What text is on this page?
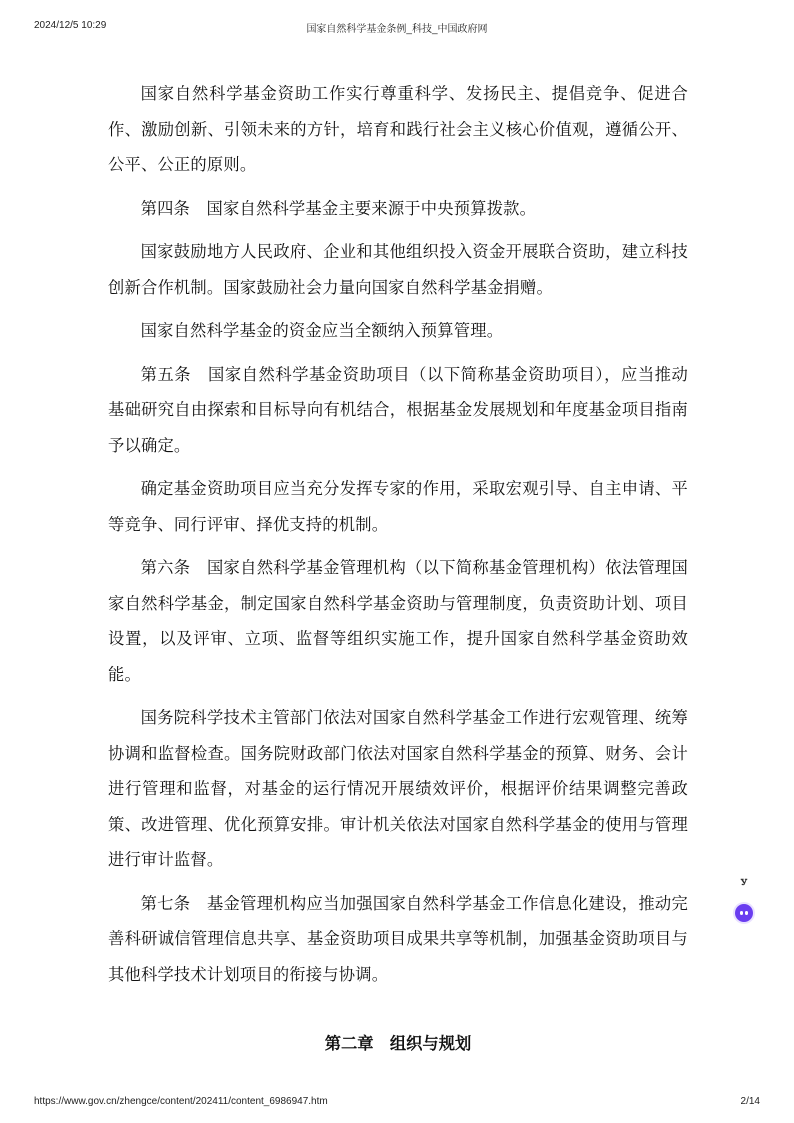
2024/12/5 10:29	国家自然科学基金条例_科技_中国政府网

国家自然科学基金资助工作实行尊重科学、发扬民主、提倡竞争、促进合作、激励创新、引领未来的方针，培育和践行社会主义核心价值观，遵循公开、公平、公正的原则。

第四条　国家自然科学基金主要来源于中央预算拨款。

国家鼓励地方人民政府、企业和其他组织投入资金开展联合资助，建立科技创新合作机制。国家鼓励社会力量向国家自然科学基金捐赠。

国家自然科学基金的资金应当全额纳入预算管理。

第五条　国家自然科学基金资助项目（以下简称基金资助项目），应当推动基础研究自由探索和目标导向有机结合，根据基金发展规划和年度基金项目指南予以确定。

确定基金资助项目应当充分发挥专家的作用，采取宏观引导、自主申请、平等竞争、同行评审、择优支持的机制。

第六条　国家自然科学基金管理机构（以下简称基金管理机构）依法管理国家自然科学基金，制定国家自然科学基金资助与管理制度，负责资助计划、项目设置，以及评审、立项、监督等组织实施工作，提升国家自然科学基金资助效能。

国务院科学技术主管部门依法对国家自然科学基金工作进行宏观管理、统筹协调和监督检查。国务院财政部门依法对国家自然科学基金的预算、财务、会计进行管理和监督，对基金的运行情况开展绩效评价，根据评价结果调整完善政策、改进管理、优化预算安排。审计机关依法对国家自然科学基金的使用与管理进行审计监督。

第七条　基金管理机构应当加强国家自然科学基金工作信息化建设，推动完善科研诚信管理信息共享、基金资助项目成果共享等机制，加强基金资助项目与其他科学技术计划项目的衔接与协调。

第二章　组织与规划
ꭹ
https://www.gov.cn/zhengce/content/202411/content_6986947.htm	2/14
